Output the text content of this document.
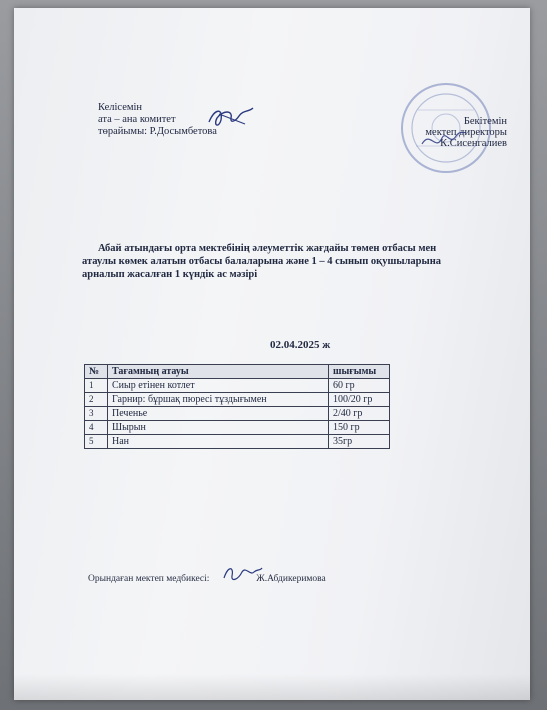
Келісемін
ата – ана комитет
төрайымы: Р.Досымбетова
Бекітемін
мектеп директоры
К.Сисенгалиев
Абай атындағы орта мектебінің әлеуметтік жағдайы төмен отбасы мен атаулы көмек алатын отбасы балаларына және 1 – 4 сынып оқушыларына арналып жасалған 1 күндік ас мәзірі
02.04.2025 ж
№	Тағамның атауы	шығымы
1	Сиыр етінен котлет	60 гр
2	Гарнир: бұршақ пюресі тұздығымен	100/20 гр
3	Печенье	2/40 гр
4	Шырын	150 гр
5	Нан	35гр
Орындаған мектеп медбикесі:	Ж.Абдикеримова
